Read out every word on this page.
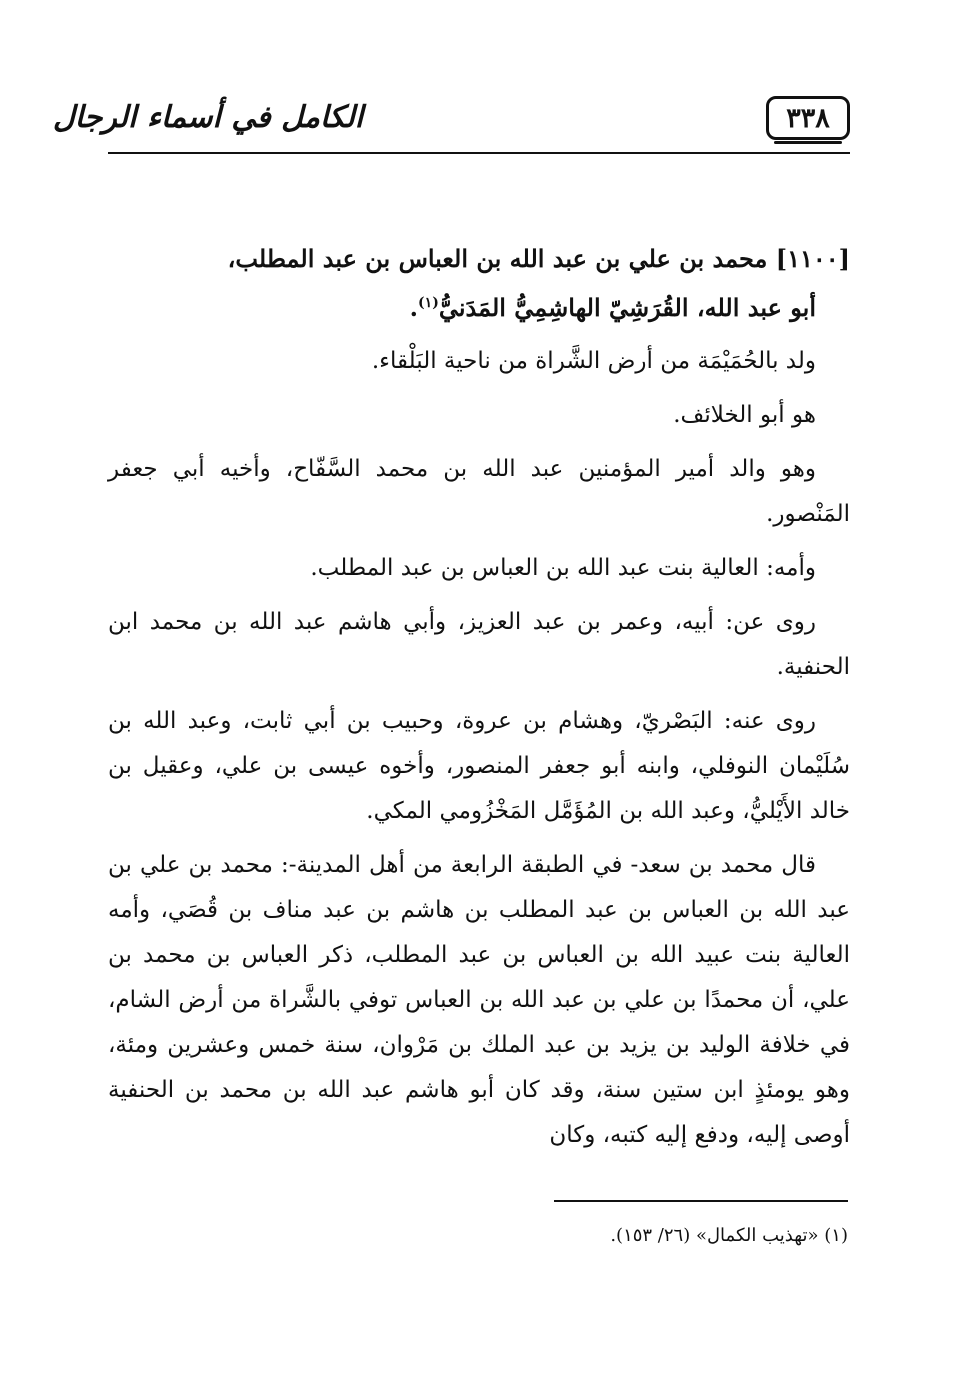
٣٣٨
الكامل في أسماء الرجال

[١١٠٠] محمد بن علي بن عبد الله بن العباس بن عبد المطلب،

أبو عبد الله، القُرَشِيّ الهاشِمِيُّ المَدَنيُّ$^{(١)}$.

ولد بالحُمَيْمَة من أرض الشَّراة من ناحية البَلْقاء.

هو أبو الخلائف.

وهو والد أمير المؤمنين عبد الله بن محمد السَّفّاح، وأخيه أبي جعفر المَنْصور.

وأمه: العالية بنت عبد الله بن العباس بن عبد المطلب.

روى عن: أبيه، وعمر بن عبد العزيز، وأبي هاشم عبد الله بن محمد ابن الحنفية.

روى عنه: البَصْريّ، وهشام بن عروة، وحبيب بن أبي ثابت، وعبد الله بن سُلَيْمان النوفلي، وابنه أبو جعفر المنصور، وأخوه عيسى بن علي، وعقيل بن خالد الأَيْليُّ، وعبد الله بن المُؤَمَّل المَخْزُومي المكي.

قال محمد بن سعد- في الطبقة الرابعة من أهل المدينة-: محمد بن علي بن عبد الله بن العباس بن عبد المطلب بن هاشم بن عبد مناف بن قُصَي، وأمه العالية بنت عبيد الله بن العباس بن عبد المطلب، ذكر العباس بن محمد بن علي، أن محمدًا بن علي بن عبد الله بن العباس توفي بالشَّراة من أرض الشام، في خلافة الوليد بن يزيد بن عبد الملك بن مَرْوان، سنة خمس وعشرين ومئة، وهو يومئذٍ ابن ستين سنة، وقد كان أبو هاشم عبد الله بن محمد بن الحنفية أوصى إليه، ودفع إليه كتبه، وكان

(١) «تهذيب الكمال» (٢٦/ ١٥٣).
